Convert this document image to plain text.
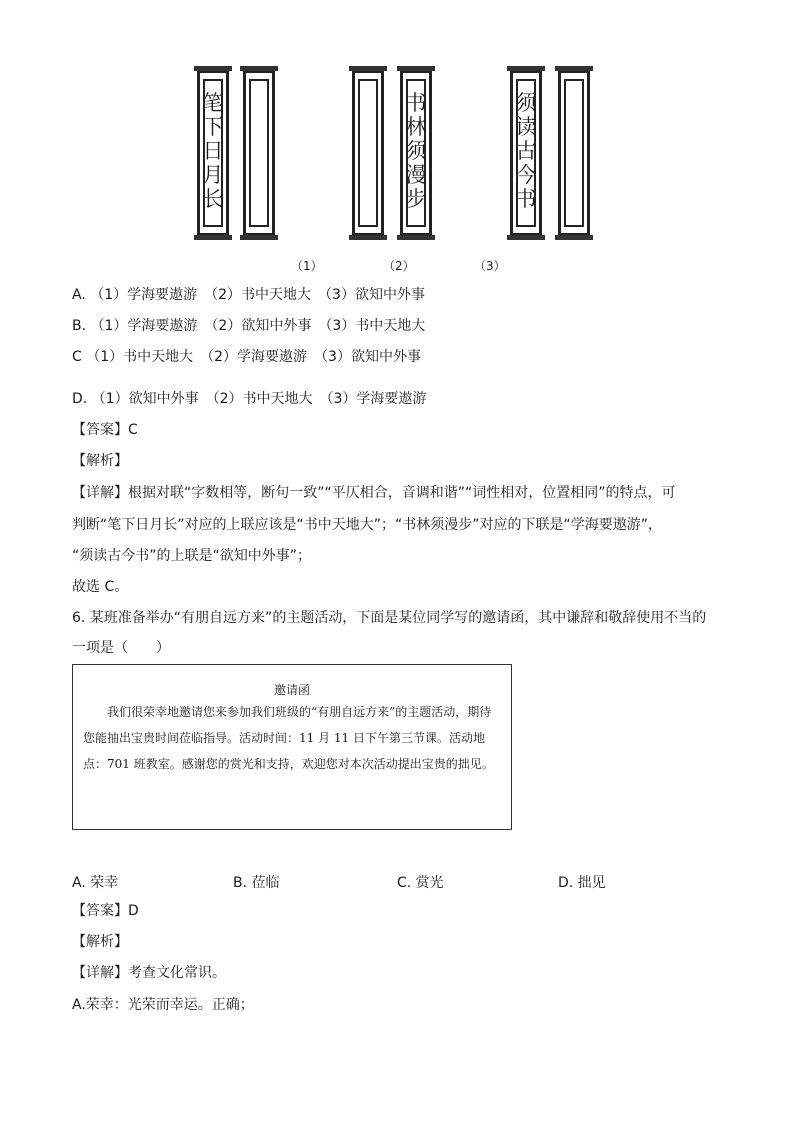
笔
下
日
月
长
书
林
须
漫
步
须
读
古
今
书
（1）	（2）	（3）
A. （1）学海要遨游　（2）书中天地大　（3）欲知中外事
B. （1）学海要遨游　（2）欲知中外事　（3）书中天地大
C （1）书中天地大　（2）学海要遨游　（3）欲知中外事
D. （1）欲知中外事　（2）书中天地大　（3）学海要遨游
【答案】C
【解析】
【详解】根据对联“字数相等，断句一致”“平仄相合，音调和谐”“词性相对，位置相同”的特点，可
判断“笔下日月长”对应的上联应该是“书中天地大”；“书林须漫步”对应的下联是“学海要遨游”，
“须读古今书”的上联是“欲知中外事”；
故选 C。
6. 某班准备举办“有朋自远方来”的主题活动，下面是某位同学写的邀请函，其中谦辞和敬辞使用不当的
一项是（　　）
邀请函
我们很荣幸地邀请您来参加我们班级的“有朋自远方来”的主题活动，期待您能抽出宝贵时间莅临指导。活动时间：11 月 11 日下午第三节课。活动地点：701 班教室。感谢您的赏光和支持，欢迎您对本次活动提出宝贵的拙见。
A. 荣幸	B. 莅临	C. 赏光	D. 拙见
【答案】D
【解析】
【详解】考查文化常识。
A.荣幸：光荣而幸运。正确；
